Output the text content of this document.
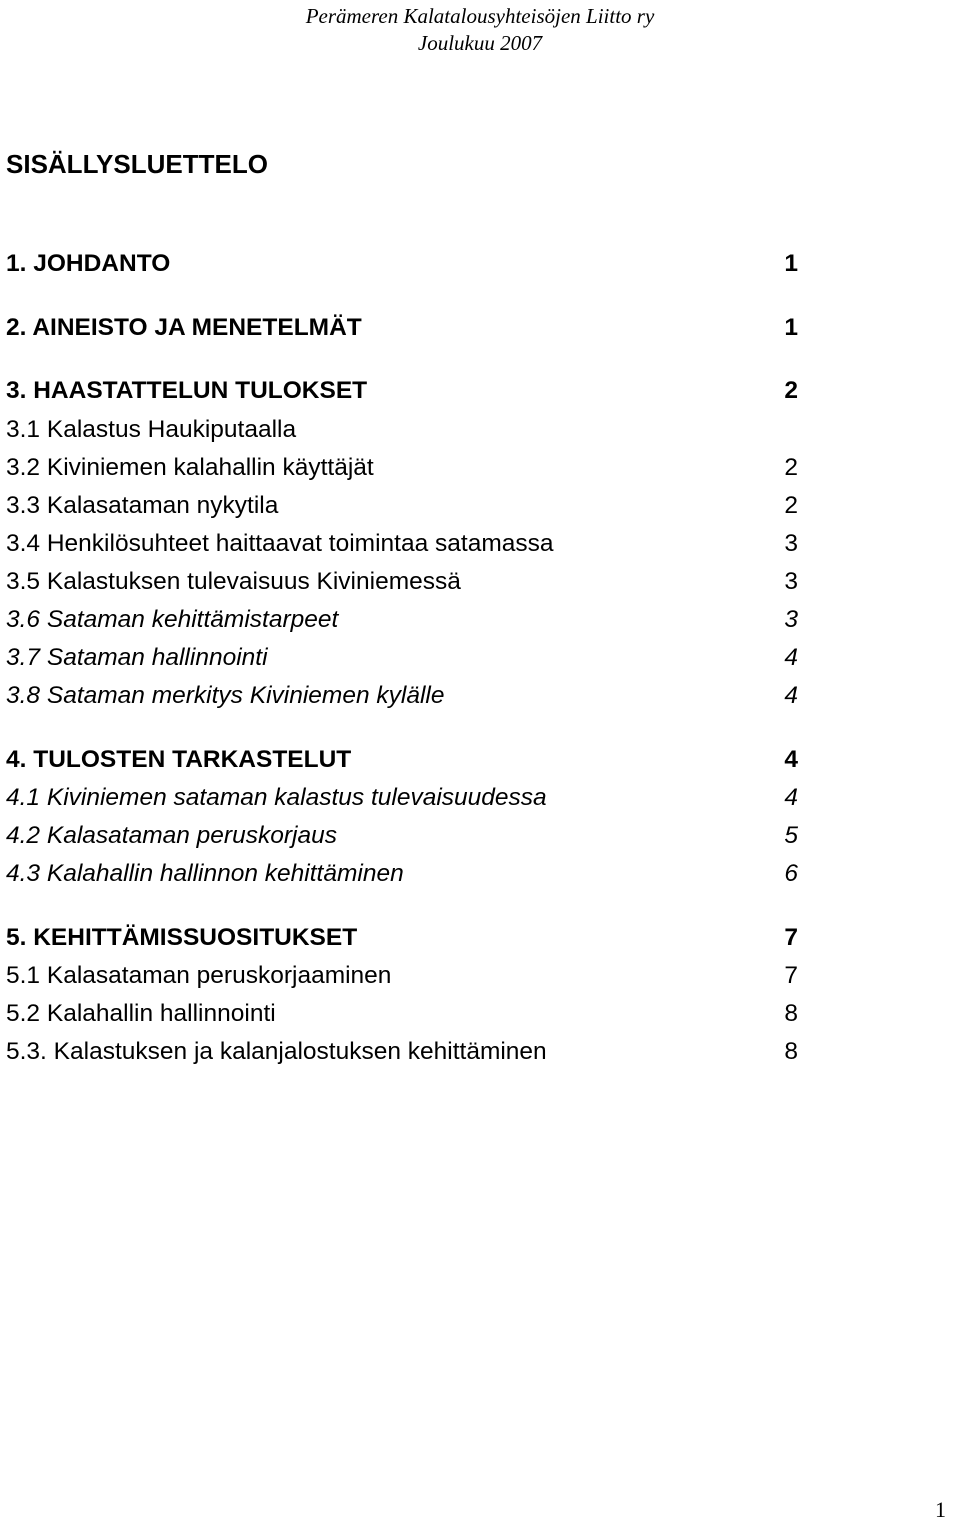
Perämeren Kalatalousyhteisöjen Liitto ry
Joulukuu 2007
SISÄLLYSLUETTELO
1. JOHDANTO	1
2. AINEISTO JA MENETELMÄT	1
3. HAASTATTELUN TULOKSET	2
3.1 Kalastus Haukiputaalla
3.2 Kiviniemen kalahallin käyttäjät	2
3.3 Kalasataman nykytila	2
3.4 Henkilösuhteet haittaavat toimintaa satamassa	3
3.5 Kalastuksen tulevaisuus Kiviniemessä	3
3.6 Sataman kehittämistarpeet	3
3.7 Sataman hallinnointi	4
3.8 Sataman merkitys Kiviniemen kylälle	4
4. TULOSTEN TARKASTELUT	4
4.1 Kiviniemen sataman kalastus tulevaisuudessa	4
4.2 Kalasataman peruskorjaus	5
4.3 Kalahallin hallinnon kehittäminen	6
5. KEHITTÄMISSUOSITUKSET	7
5.1 Kalasataman peruskorjaaminen	7
5.2 Kalahallin hallinnointi	8
5.3. Kalastuksen ja kalanjalostuksen kehittäminen	8
1
